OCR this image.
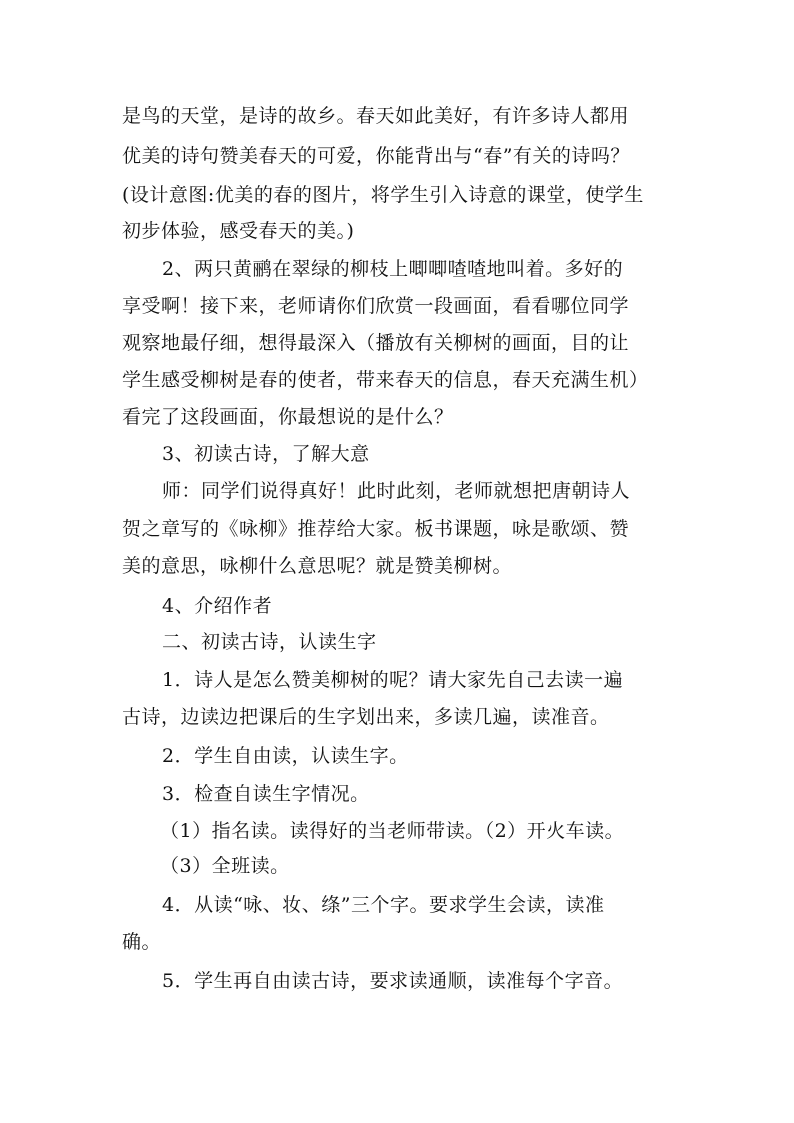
是鸟的天堂，是诗的故乡。春天如此美好，有许多诗人都用
优美的诗句赞美春天的可爱，你能背出与“春”有关的诗吗？
(设计意图:优美的春的图片，将学生引入诗意的课堂，使学生
初步体验，感受春天的美。)
2、两只黄鹂在翠绿的柳枝上唧唧喳喳地叫着。多好的
享受啊！接下来，老师请你们欣赏一段画面，看看哪位同学
观察地最仔细，想得最深入（播放有关柳树的画面，目的让
学生感受柳树是春的使者，带来春天的信息，春天充满生机）
看完了这段画面，你最想说的是什么？
3、初读古诗，了解大意
师：同学们说得真好！此时此刻，老师就想把唐朝诗人
贺之章写的《咏柳》推荐给大家。板书课题，咏是歌颂、赞
美的意思，咏柳什么意思呢？就是赞美柳树。
4、介绍作者
二、初读古诗，认读生字
1．诗人是怎么赞美柳树的呢？请大家先自己去读一遍
古诗，边读边把课后的生字划出来，多读几遍，读准音。
2．学生自由读，认读生字。
3．检查自读生字情况。
（1）指名读。读得好的当老师带读。（2）开火车读。
（3）全班读。
4．从读“咏、妆、绦”三个字。要求学生会读，读准
确。
5．学生再自由读古诗，要求读通顺，读准每个字音。
